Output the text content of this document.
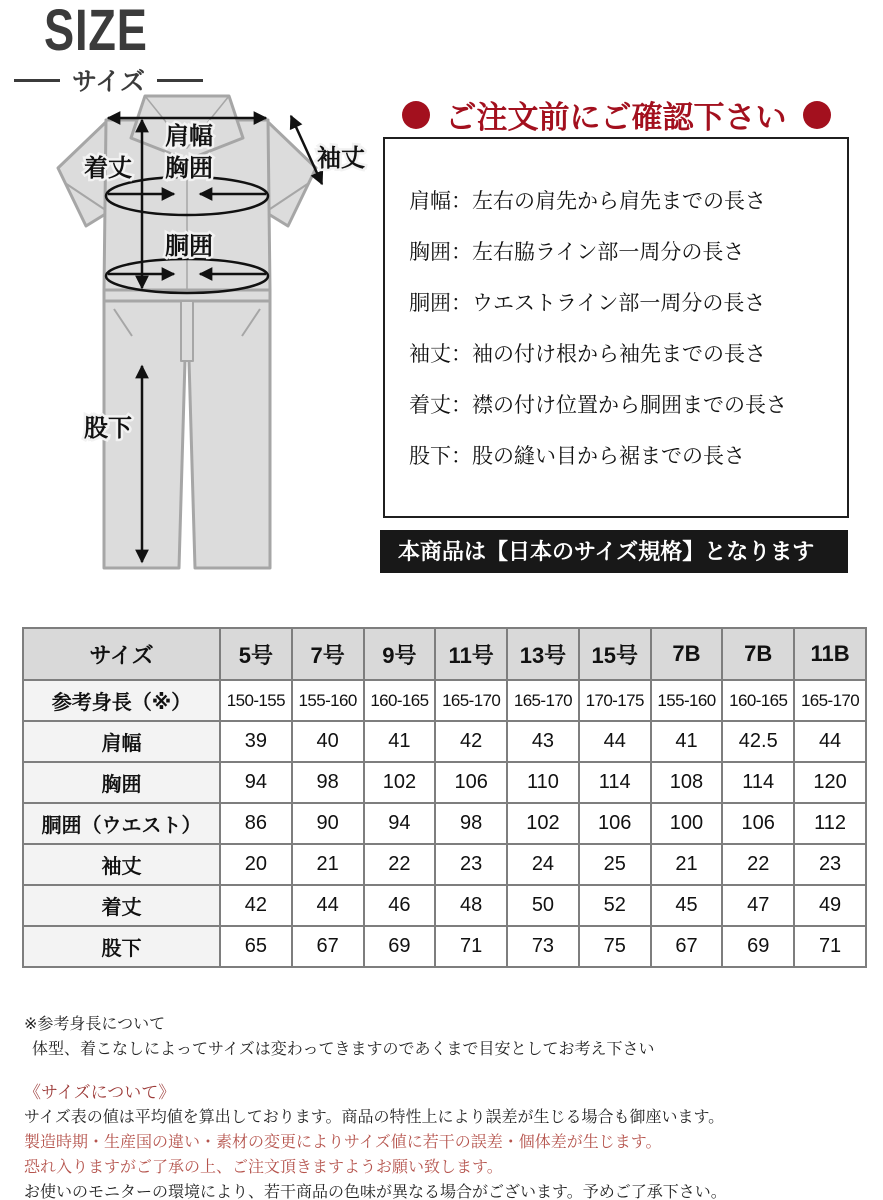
SIZE
サイズ
肩幅
胸囲
着丈	袖丈
胴囲
股下
ご注文前にご確認下さい
肩幅：左右の肩先から肩先までの長さ
胸囲：左右脇ライン部一周分の長さ
胴囲：ウエストライン部一周分の長さ
袖丈：袖の付け根から袖先までの長さ
着丈：襟の付け位置から胴囲までの長さ
股下：股の縫い目から裾までの長さ
本商品は【日本のサイズ規格】となります
サイズ	5号	7号	9号	11号	13号	15号	7B	7B	11B
参考身長（※）	150-155	155-160	160-165	165-170	165-170	170-175	155-160	160-165	165-170
肩幅	39	40	41	42	43	44	41	42.5	44
胸囲	94	98	102	106	110	114	108	114	120
胴囲（ウエスト）	86	90	94	98	102	106	100	106	112
袖丈	20	21	22	23	24	25	21	22	23
着丈	42	44	46	48	50	52	45	47	49
股下	65	67	69	71	73	75	67	69	71
※参考身長について
体型、着こなしによってサイズは変わってきますのであくまで目安としてお考え下さい
《サイズについて》
サイズ表の値は平均値を算出しております。商品の特性上により誤差が生じる場合も御座います。
製造時期・生産国の違い・素材の変更によりサイズ値に若干の誤差・個体差が生じます。
恐れ入りますがご了承の上、ご注文頂きますようお願い致します。
お使いのモニターの環境により、若干商品の色味が異なる場合がございます。予めご了承下さい。
